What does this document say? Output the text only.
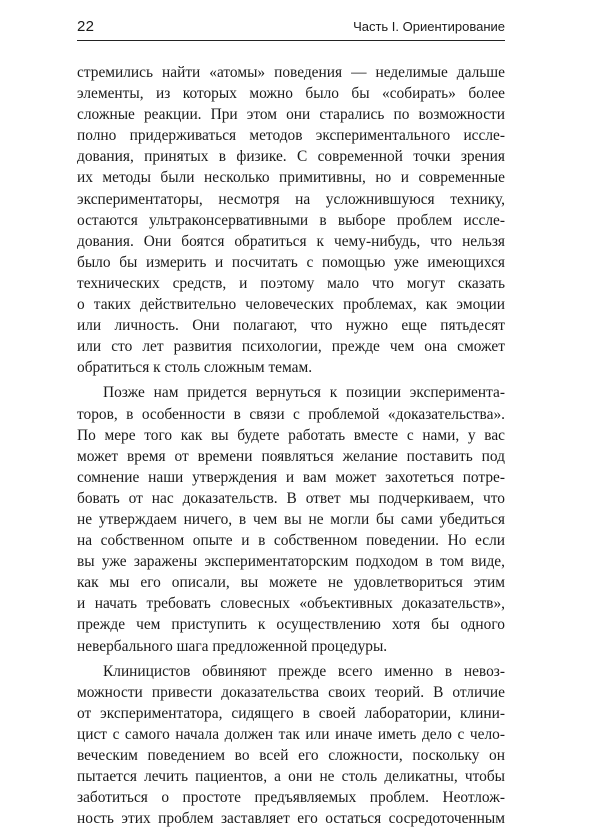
22	Часть I. Ориентирование

стремились найти «атомы» поведения — неделимые дальше
элементы, из которых можно было бы «собирать» более
сложные реакции. При этом они старались по возможности
полно придерживаться методов экспериментального иссле-
дования, принятых в физике. С современной точки зрения
их методы были несколько примитивны, но и современные
экспериментаторы, несмотря на усложнившуюся технику,
остаются ультраконсервативными в выборе проблем иссле-
дования. Они боятся обратиться к чему-нибудь, что нельзя
было бы измерить и посчитать с помощью уже имеющихся
технических средств, и поэтому мало что могут сказать
о таких действительно человеческих проблемах, как эмоции
или личность. Они полагают, что нужно еще пятьдесят
или сто лет развития психологии, прежде чем она сможет
обратиться к столь сложным темам.

Позже нам придется вернуться к позиции эксперимента-
торов, в особенности в связи с проблемой «доказательства».
По мере того как вы будете работать вместе с нами, у вас
может время от времени появляться желание поставить под
сомнение наши утверждения и вам может захотеться потре-
бовать от нас доказательств. В ответ мы подчеркиваем, что
не утверждаем ничего, в чем вы не могли бы сами убедиться
на собственном опыте и в собственном поведении. Но если
вы уже заражены экспериментаторским подходом в том виде,
как мы его описали, вы можете не удовлетвориться этим
и начать требовать словесных «объективных доказательств»,
прежде чем приступить к осуществлению хотя бы одного
невербального шага предложенной процедуры.

Клиницистов обвиняют прежде всего именно в невоз-
можности привести доказательства своих теорий. В отличие
от экспериментатора, сидящего в своей лаборатории, клини-
цист с самого начала должен так или иначе иметь дело с чело-
веческим поведением во всей его сложности, поскольку он
пытается лечить пациентов, а они не столь деликатны, чтобы
заботиться о простоте предъявляемых проблем. Неотлож-
ность этих проблем заставляет его остаться сосредоточенным
